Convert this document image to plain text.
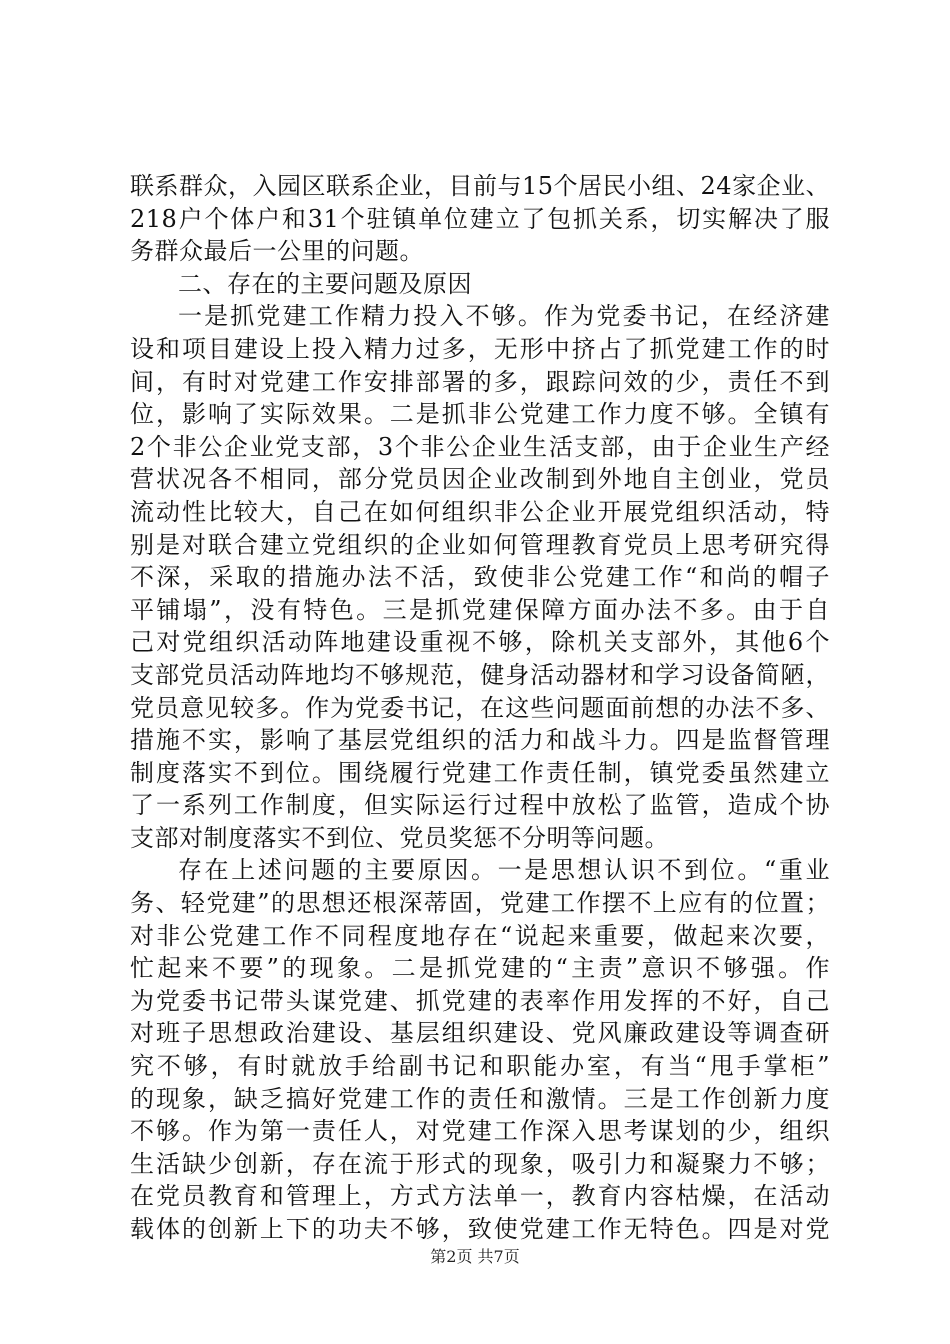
联系群众，入园区联系企业，目前与15个居民小组、24家企业、
218户个体户和31个驻镇单位建立了包抓关系，切实解决了服
务群众最后一公里的问题。
二、存在的主要问题及原因
一是抓党建工作精力投入不够。作为党委书记，在经济建
设和项目建设上投入精力过多，无形中挤占了抓党建工作的时
间，有时对党建工作安排部署的多，跟踪问效的少，责任不到
位，影响了实际效果。二是抓非公党建工作力度不够。全镇有
2个非公企业党支部，3个非公企业生活支部，由于企业生产经
营状况各不相同，部分党员因企业改制到外地自主创业，党员
流动性比较大，自己在如何组织非公企业开展党组织活动，特
别是对联合建立党组织的企业如何管理教育党员上思考研究得
不深，采取的措施办法不活，致使非公党建工作“和尚的帽子
平铺塌”，没有特色。三是抓党建保障方面办法不多。由于自
己对党组织活动阵地建设重视不够，除机关支部外，其他6个
支部党员活动阵地均不够规范，健身活动器材和学习设备简陋，
党员意见较多。作为党委书记，在这些问题面前想的办法不多、
措施不实，影响了基层党组织的活力和战斗力。四是监督管理
制度落实不到位。围绕履行党建工作责任制，镇党委虽然建立
了一系列工作制度，但实际运行过程中放松了监管，造成个协
支部对制度落实不到位、党员奖惩不分明等问题。
存在上述问题的主要原因。一是思想认识不到位。“重业
务、轻党建”的思想还根深蒂固，党建工作摆不上应有的位置；
对非公党建工作不同程度地存在“说起来重要，做起来次要，
忙起来不要”的现象。二是抓党建的“主责”意识不够强。作
为党委书记带头谋党建、抓党建的表率作用发挥的不好，自己
对班子思想政治建设、基层组织建设、党风廉政建设等调查研
究不够，有时就放手给副书记和职能办室，有当“甩手掌柜”
的现象，缺乏搞好党建工作的责任和激情。三是工作创新力度
不够。作为第一责任人，对党建工作深入思考谋划的少，组织
生活缺少创新，存在流于形式的现象，吸引力和凝聚力不够；
在党员教育和管理上，方式方法单一，教育内容枯燥，在活动
载体的创新上下的功夫不够，致使党建工作无特色。四是对党
第2页 共7页
